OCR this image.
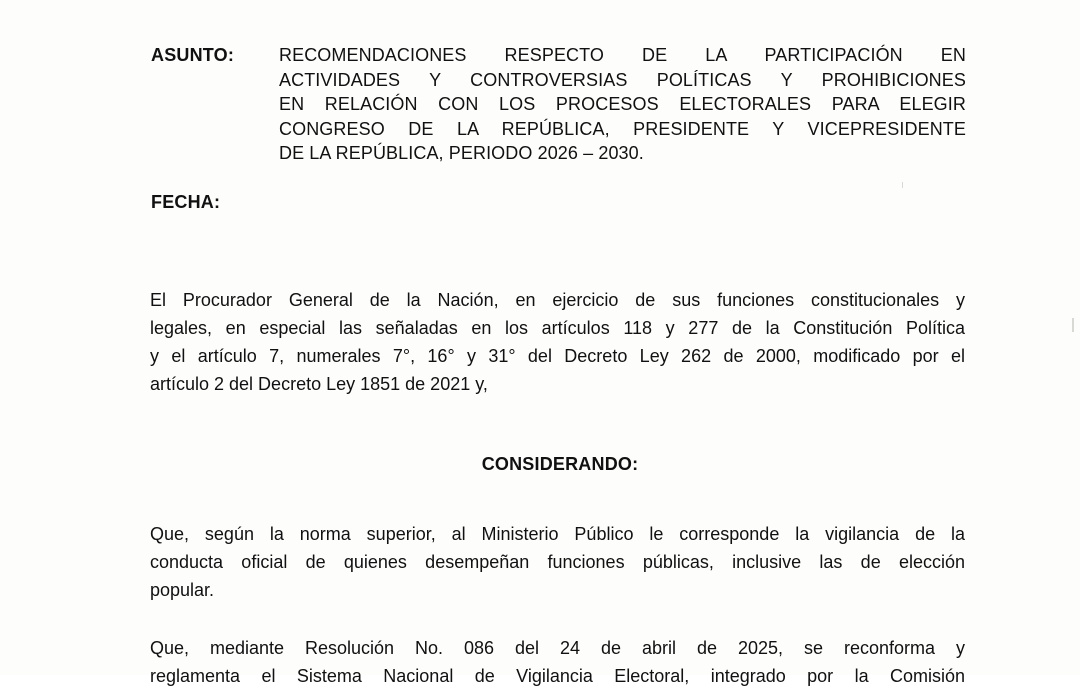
ASUNTO:	RECOMENDACIONES RESPECTO DE LA PARTICIPACIÓN EN
ACTIVIDADES Y CONTROVERSIAS POLÍTICAS Y PROHIBICIONES
EN RELACIÓN CON LOS PROCESOS ELECTORALES PARA ELEGIR
CONGRESO DE LA REPÚBLICA, PRESIDENTE Y VICEPRESIDENTE
DE LA REPÚBLICA, PERIODO 2026 – 2030.
FECHA:
El Procurador General de la Nación, en ejercicio de sus funciones constitucionales y
legales, en especial las señaladas en los artículos 118 y 277 de la Constitución Política
y el artículo 7, numerales 7°, 16° y 31° del Decreto Ley 262 de 2000, modificado por el
artículo 2 del Decreto Ley 1851 de 2021 y,
CONSIDERANDO:
Que, según la norma superior, al Ministerio Público le corresponde la vigilancia de la
conducta oficial de quienes desempeñan funciones públicas, inclusive las de elección
popular.
Que, mediante Resolución No. 086 del 24 de abril de 2025, se reconforma y
reglamenta el Sistema Nacional de Vigilancia Electoral, integrado por la Comisión
